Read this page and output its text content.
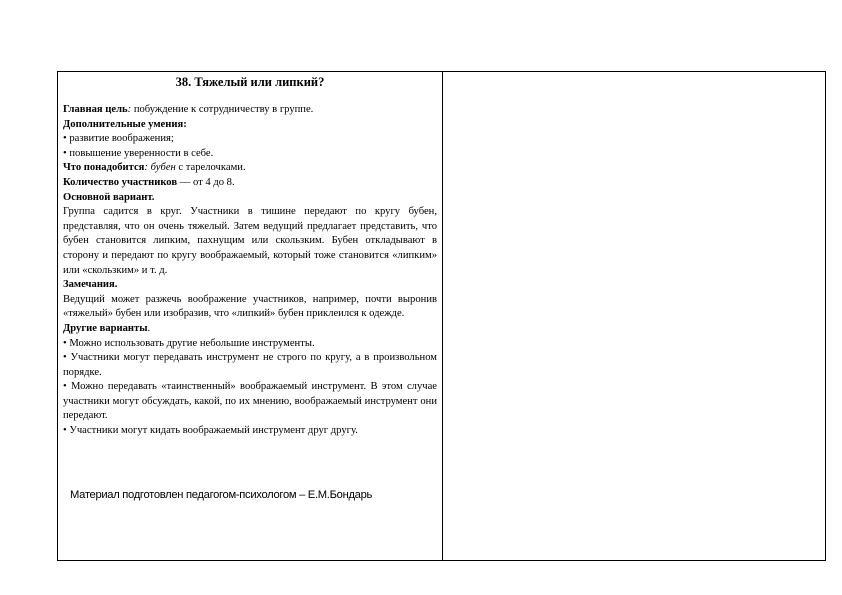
38. Тяжелый или липкий?
Главная цель: побуждение к сотрудничеству в группе.
Дополнительные умения:
• развитие воображения;
• повышение уверенности в себе.
Что понадобится: бубен с тарелочками.
Количество участников — от 4 до 8.
Основной вариант.
Группа садится в круг. Участники в тишине передают по кругу бубен, представляя, что он очень тяжелый. Затем ведущий предлагает представить, что бубен становится липким, пахнущим или скользким. Бубен откладывают в сторону и передают по кругу воображаемый, который тоже становится «липким» или «скользким» и т. д.
Замечания.
Ведущий может разжечь воображение участников, например, почти выронив «тяжелый» бубен или изобразив, что «липкий» бубен приклеился к одежде.
Другие варианты.
• Можно использовать другие небольшие инструменты.
• Участники могут передавать инструмент не строго по кругу, а в произвольном порядке.
• Можно передавать «таинственный» воображаемый инструмент. В этом случае участники могут обсуждать, какой, по их мнению, воображаемый инструмент они передают.
• Участники могут кидать воображаемый инструмент друг другу.
Материал подготовлен педагогом-психологом – Е.М.Бондарь
